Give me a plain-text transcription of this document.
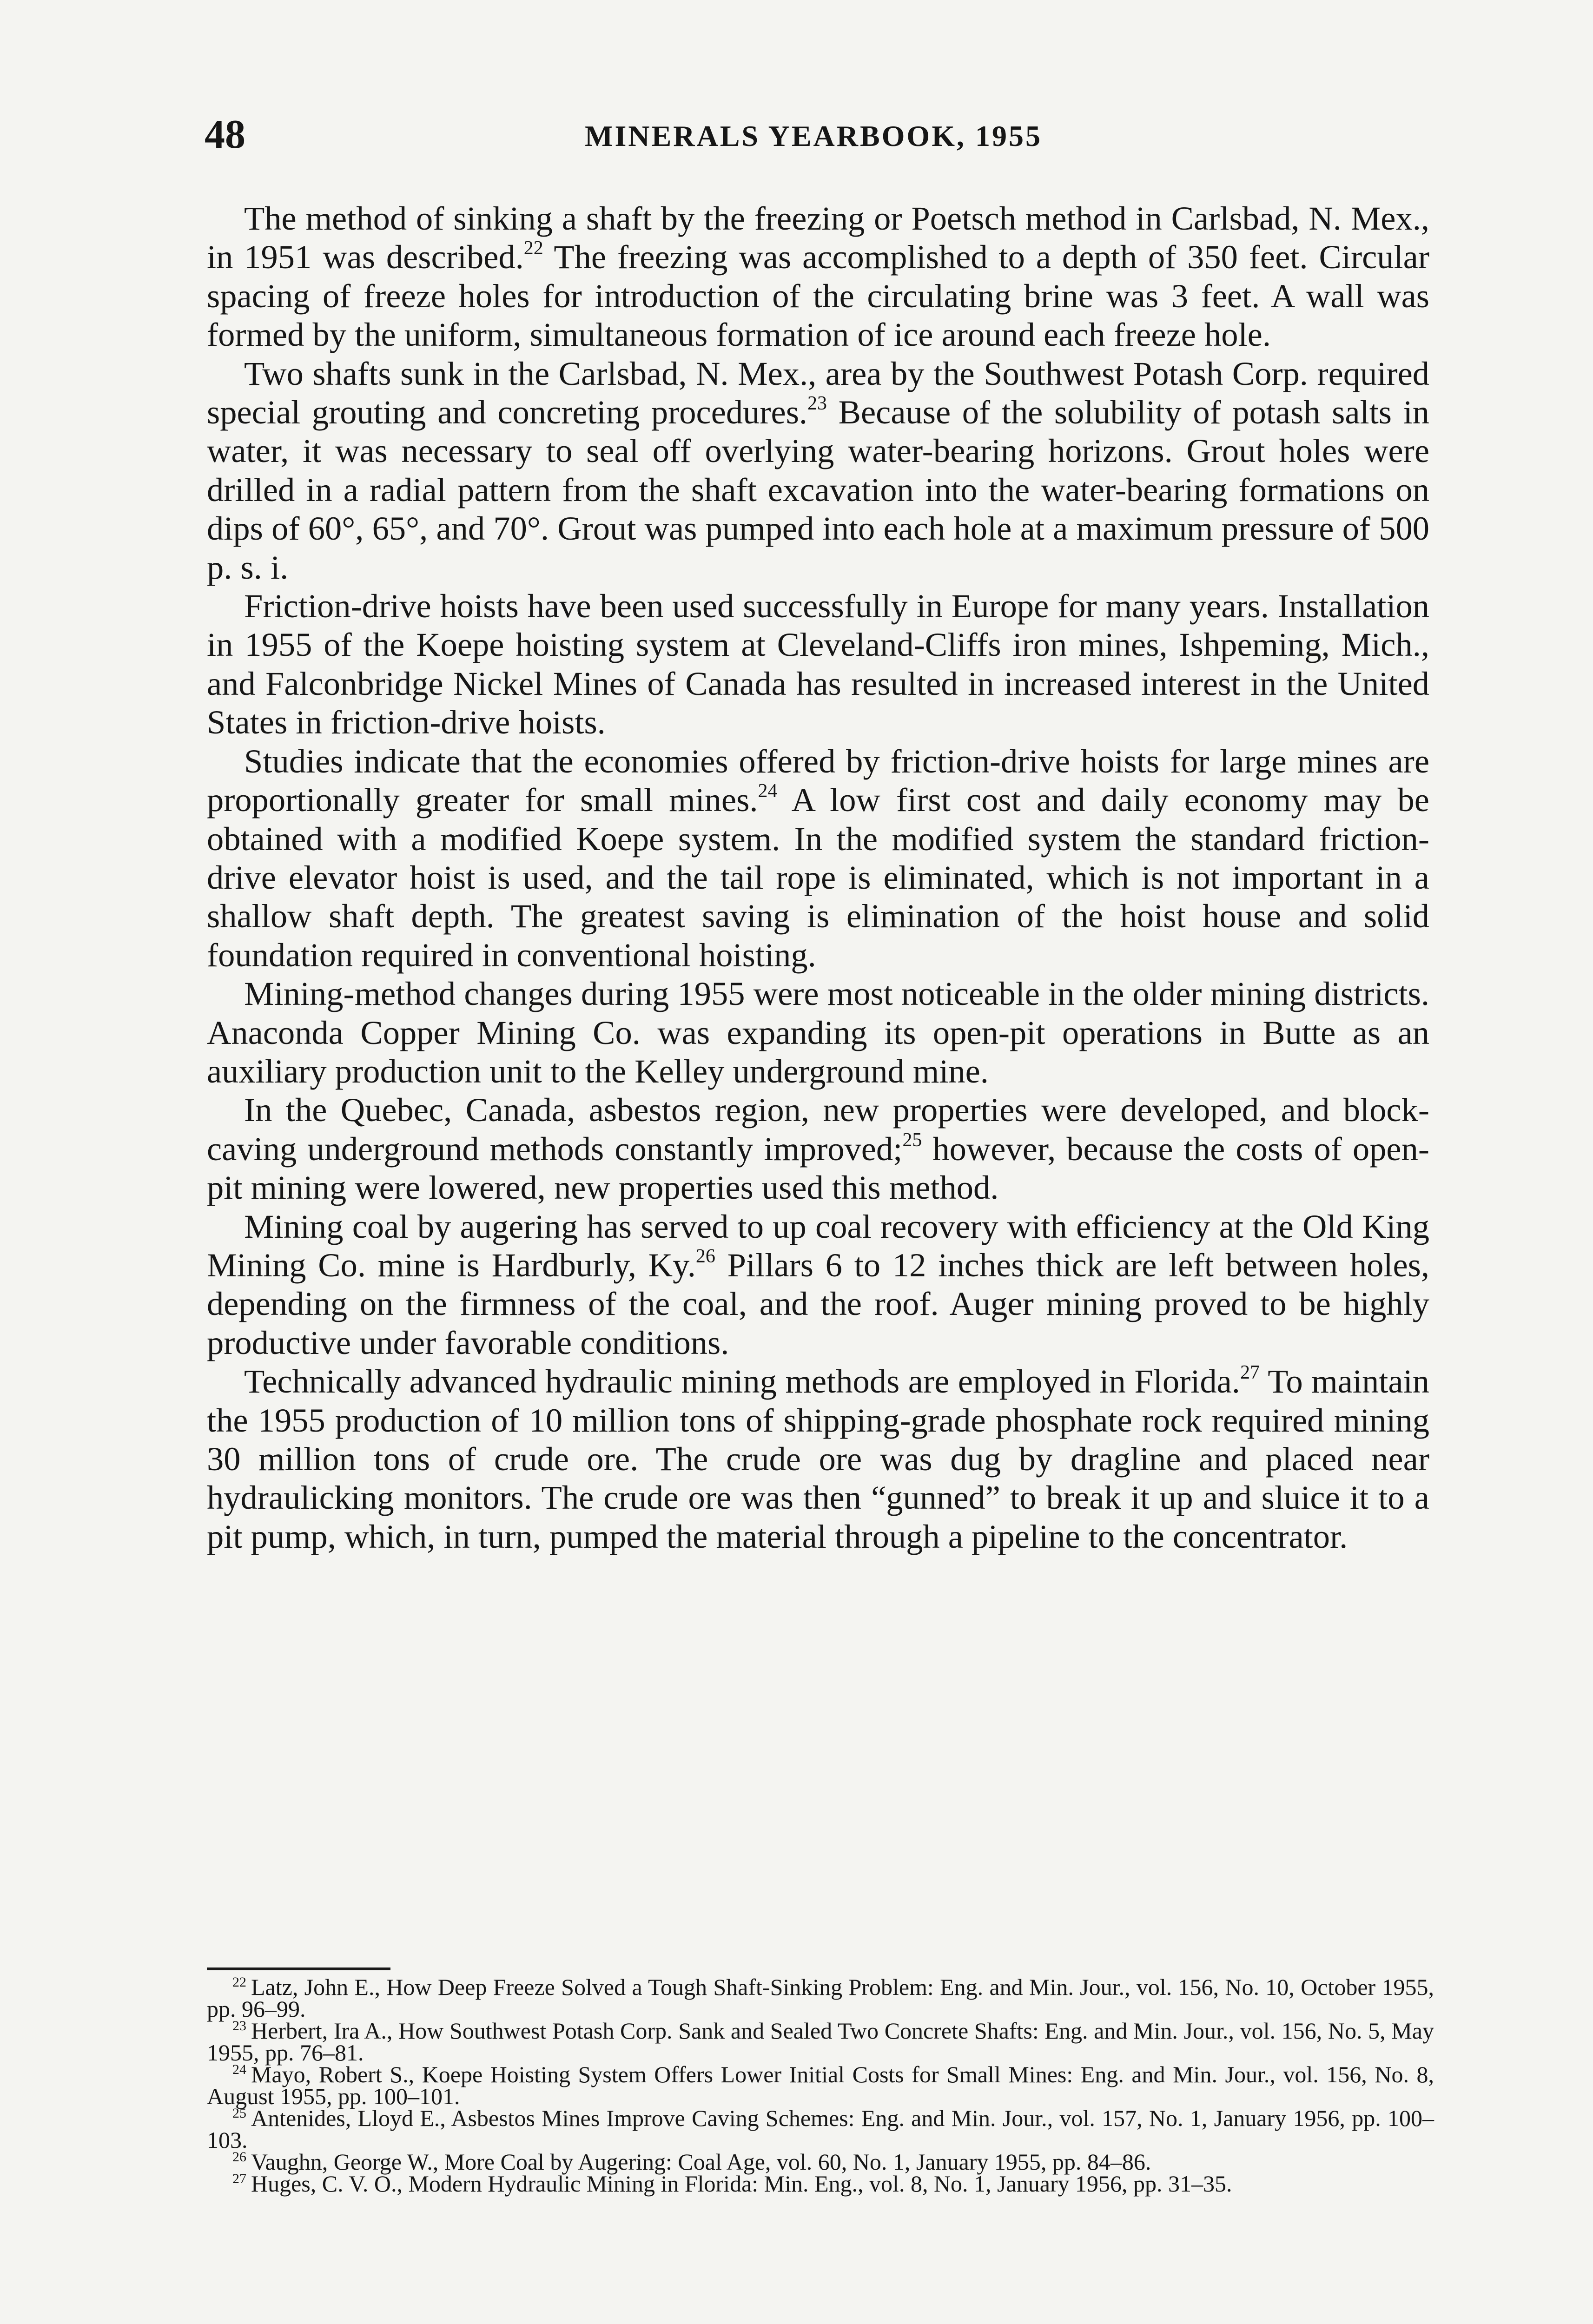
48	MINERALS YEARBOOK, 1955

The method of sinking a shaft by the freezing or Poetsch method in Carlsbad, N. Mex., in 1951 was described.$^{22}$ The freezing was accomplished to a depth of 350 feet. Circular spacing of freeze holes for introduction of the circulating brine was 3 feet. A wall was formed by the uniform, simultaneous formation of ice around each freeze hole.

Two shafts sunk in the Carlsbad, N. Mex., area by the Southwest Potash Corp. required special grouting and concreting procedures.$^{23}$ Because of the solubility of potash salts in water, it was necessary to seal off overlying water-bearing horizons. Grout holes were drilled in a radial pattern from the shaft excavation into the water-bearing formations on dips of 60°, 65°, and 70°. Grout was pumped into each hole at a maximum pressure of 500 p. s. i.

Friction-drive hoists have been used successfully in Europe for many years. Installation in 1955 of the Koepe hoisting system at Cleveland-Cliffs iron mines, Ishpeming, Mich., and Falconbridge Nickel Mines of Canada has resulted in increased interest in the United States in friction-drive hoists.

Studies indicate that the economies offered by friction-drive hoists for large mines are proportionally greater for small mines.$^{24}$ A low first cost and daily economy may be obtained with a modified Koepe system. In the modified system the standard friction-drive elevator hoist is used, and the tail rope is eliminated, which is not important in a shallow shaft depth. The greatest saving is elimination of the hoist house and solid foundation required in conventional hoisting.

Mining-method changes during 1955 were most noticeable in the older mining districts. Anaconda Copper Mining Co. was expanding its open-pit operations in Butte as an auxiliary production unit to the Kelley underground mine.

In the Quebec, Canada, asbestos region, new properties were developed, and block-caving underground methods constantly improved;$^{25}$ however, because the costs of open-pit mining were lowered, new properties used this method.

Mining coal by augering has served to up coal recovery with efficiency at the Old King Mining Co. mine is Hardburly, Ky.$^{26}$ Pillars 6 to 12 inches thick are left between holes, depending on the firmness of the coal, and the roof. Auger mining proved to be highly productive under favorable conditions.

Technically advanced hydraulic mining methods are employed in Florida.$^{27}$ To maintain the 1955 production of 10 million tons of shipping-grade phosphate rock required mining 30 million tons of crude ore. The crude ore was dug by dragline and placed near hydraulicking monitors. The crude ore was then “gunned” to break it up and sluice it to a pit pump, which, in turn, pumped the material through a pipeline to the concentrator.

$^{22}$ Latz, John E., How Deep Freeze Solved a Tough Shaft-Sinking Problem: Eng. and Min. Jour., vol. 156, No. 10, October 1955, pp. 96–99.

$^{23}$ Herbert, Ira A., How Southwest Potash Corp. Sank and Sealed Two Concrete Shafts: Eng. and Min. Jour., vol. 156, No. 5, May 1955, pp. 76–81.

$^{24}$ Mayo, Robert S., Koepe Hoisting System Offers Lower Initial Costs for Small Mines: Eng. and Min. Jour., vol. 156, No. 8, August 1955, pp. 100–101.

$^{25}$ Antenides, Lloyd E., Asbestos Mines Improve Caving Schemes: Eng. and Min. Jour., vol. 157, No. 1, January 1956, pp. 100–103.

$^{26}$ Vaughn, George W., More Coal by Augering: Coal Age, vol. 60, No. 1, January 1955, pp. 84–86.

$^{27}$ Huges, C. V. O., Modern Hydraulic Mining in Florida: Min. Eng., vol. 8, No. 1, January 1956, pp. 31–35.
